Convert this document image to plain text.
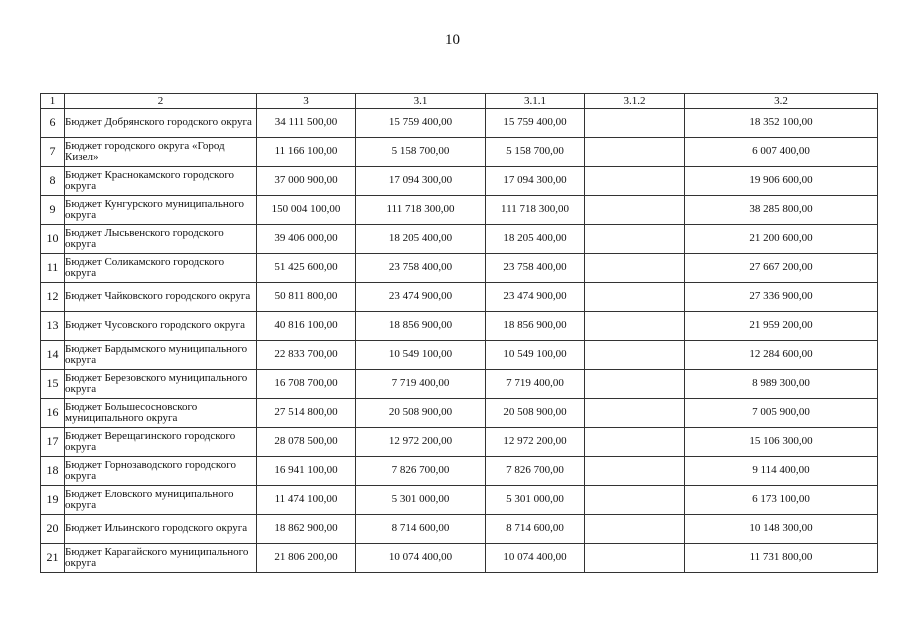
10
1	2	3	3.1	3.1.1	3.1.2	3.2
6	Бюджет Добрянского городского округа	34 111 500,00	15 759 400,00	15 759 400,00		18 352 100,00
7	Бюджет городского округа «Город Кизел»	11 166 100,00	5 158 700,00	5 158 700,00		6 007 400,00
8	Бюджет Краснокамского городского округа	37 000 900,00	17 094 300,00	17 094 300,00		19 906 600,00
9	Бюджет Кунгурского муниципального округа	150 004 100,00	111 718 300,00	111 718 300,00		38 285 800,00
10	Бюджет Лысьвенского городского округа	39 406 000,00	18 205 400,00	18 205 400,00		21 200 600,00
11	Бюджет Соликамского городского округа	51 425 600,00	23 758 400,00	23 758 400,00		27 667 200,00
12	Бюджет Чайковского городского округа	50 811 800,00	23 474 900,00	23 474 900,00		27 336 900,00
13	Бюджет Чусовского городского округа	40 816 100,00	18 856 900,00	18 856 900,00		21 959 200,00
14	Бюджет Бардымского муниципального округа	22 833 700,00	10 549 100,00	10 549 100,00		12 284 600,00
15	Бюджет Березовского муниципального округа	16 708 700,00	7 719 400,00	7 719 400,00		8 989 300,00
16	Бюджет Большесосновского муниципального округа	27 514 800,00	20 508 900,00	20 508 900,00		7 005 900,00
17	Бюджет Верещагинского городского округа	28 078 500,00	12 972 200,00	12 972 200,00		15 106 300,00
18	Бюджет Горнозаводского городского округа	16 941 100,00	7 826 700,00	7 826 700,00		9 114 400,00
19	Бюджет Еловского муниципального округа	11 474 100,00	5 301 000,00	5 301 000,00		6 173 100,00
20	Бюджет Ильинского городского округа	18 862 900,00	8 714 600,00	8 714 600,00		10 148 300,00
21	Бюджет Карагайского муниципального округа	21 806 200,00	10 074 400,00	10 074 400,00		11 731 800,00
